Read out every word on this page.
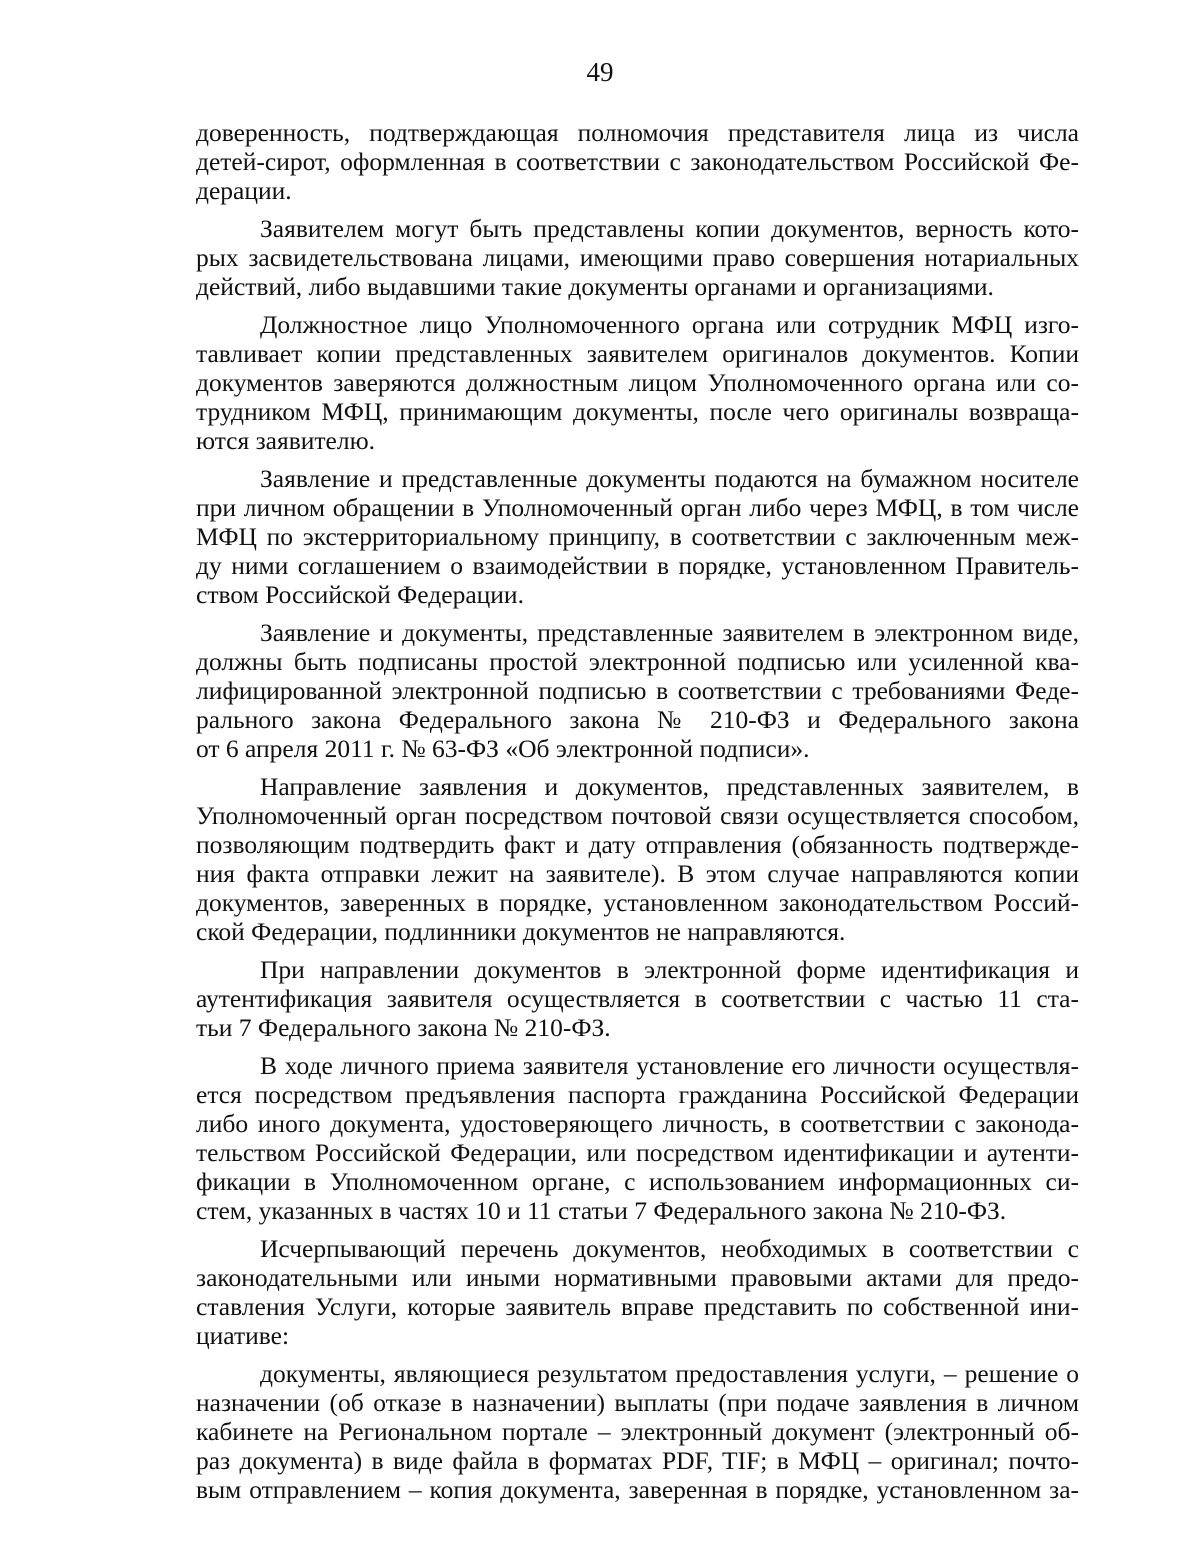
49
доверенность, подтверждающая полномочия представителя лица из числа
детей-сирот, оформленная в соответствии с законодательством Российской Фе-
дерации.
Заявителем могут быть представлены копии документов, верность кото-
рых засвидетельствована лицами, имеющими право совершения нотариальных
действий, либо выдавшими такие документы органами и организациями.
Должностное лицо Уполномоченного органа или сотрудник МФЦ изго-
тавливает копии представленных заявителем оригиналов документов. Копии
документов заверяются должностным лицом Уполномоченного органа или со-
трудником МФЦ, принимающим документы, после чего оригиналы возвраща-
ются заявителю.
Заявление и представленные документы подаются на бумажном носителе
при личном обращении в Уполномоченный орган либо через МФЦ, в том числе
МФЦ по экстерриториальному принципу, в соответствии с заключенным меж-
ду ними соглашением о взаимодействии в порядке, установленном Правитель-
ством Российской Федерации.
Заявление и документы, представленные заявителем в электронном виде,
должны быть подписаны простой электронной подписью или усиленной ква-
лифицированной электронной подписью в соответствии с требованиями Феде-
рального закона Федерального закона № 210-ФЗ и Федерального закона
от 6 апреля 2011 г. № 63-ФЗ «Об электронной подписи».
Направление заявления и документов, представленных заявителем, в
Уполномоченный орган посредством почтовой связи осуществляется способом,
позволяющим подтвердить факт и дату отправления (обязанность подтвержде-
ния факта отправки лежит на заявителе). В этом случае направляются копии
документов, заверенных в порядке, установленном законодательством Россий-
ской Федерации, подлинники документов не направляются.
При направлении документов в электронной форме идентификация и
аутентификация заявителя осуществляется в соответствии с частью 11 ста-
тьи 7 Федерального закона № 210-ФЗ.
В ходе личного приема заявителя установление его личности осуществля-
ется посредством предъявления паспорта гражданина Российской Федерации
либо иного документа, удостоверяющего личность, в соответствии с законода-
тельством Российской Федерации, или посредством идентификации и аутенти-
фикации в Уполномоченном органе, с использованием информационных си-
стем, указанных в частях 10 и 11 статьи 7 Федерального закона № 210-ФЗ.
Исчерпывающий перечень документов, необходимых в соответствии с
законодательными или иными нормативными правовыми актами для предо-
ставления Услуги, которые заявитель вправе представить по собственной ини-
циативе:
документы, являющиеся результатом предоставления услуги, – решение о
назначении (об отказе в назначении) выплаты (при подаче заявления в личном
кабинете на Региональном портале – электронный документ (электронный об-
раз документа) в виде файла в форматах PDF, TIF; в МФЦ – оригинал; почто-
вым отправлением – копия документа, заверенная в порядке, установленном за-
